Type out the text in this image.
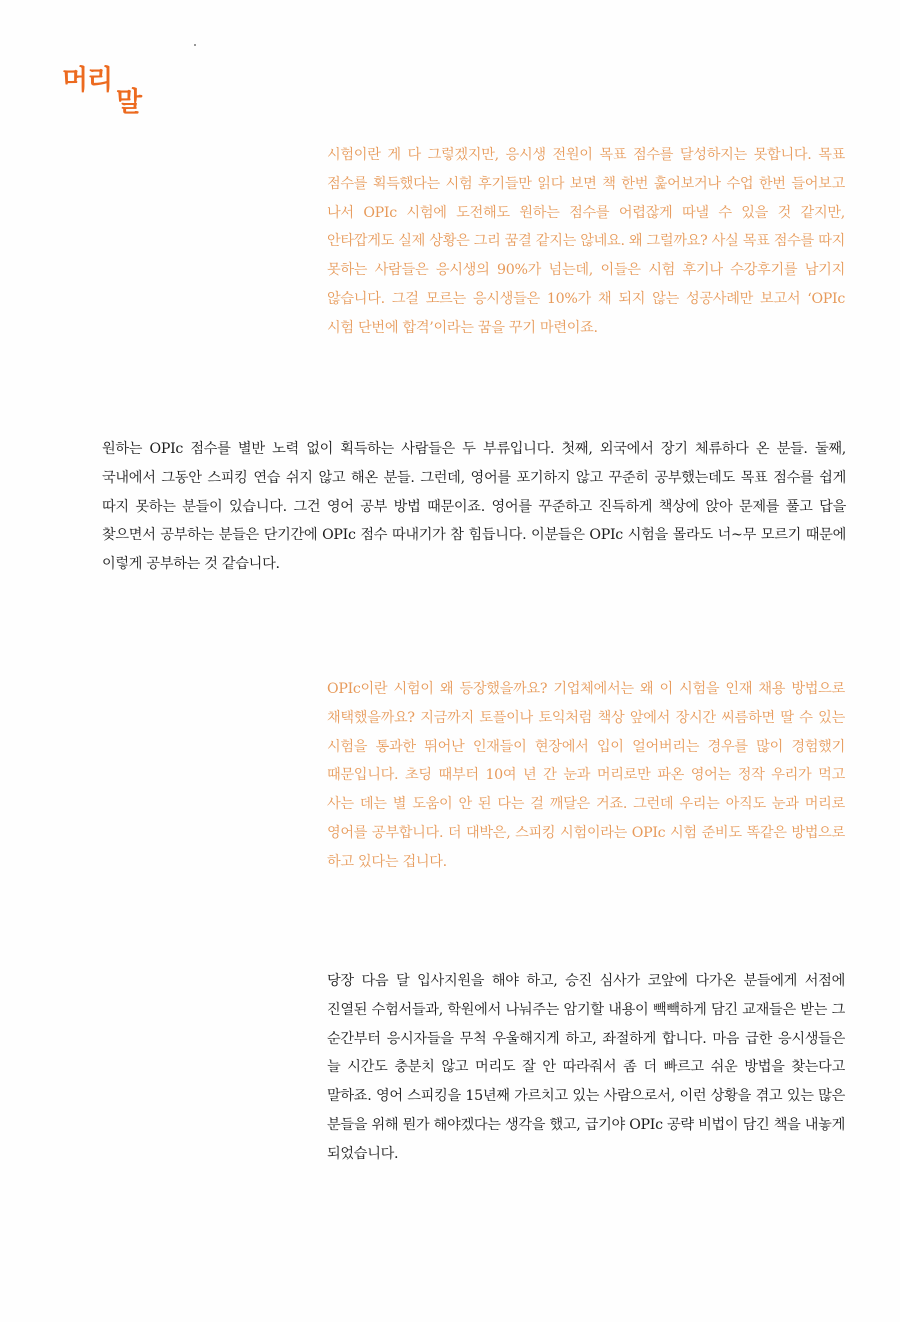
머리
말

시험이란 게 다 그렇겠지만, 응시생 전원이 목표 점수를 달성하지는 못합니다. 목표 점수를 획득했다는 시험 후기들만 읽다 보면 책 한번 훑어보거나 수업 한번 들어보고 나서 OPIc 시험에 도전해도 원하는 점수를 어렵잖게 따낼 수 있을 것 같지만, 안타깝게도 실제 상황은 그리 꿈결 같지는 않네요. 왜 그럴까요? 사실 목표 점수를 따지 못하는 사람들은 응시생의 90%가 넘는데, 이들은 시험 후기나 수강후기를 남기지 않습니다. 그걸 모르는 응시생들은 10%가 채 되지 않는 성공사례만 보고서 ‘OPIc 시험 단번에 합격’이라는 꿈을 꾸기 마련이죠.

원하는 OPIc 점수를 별반 노력 없이 획득하는 사람들은 두 부류입니다. 첫째, 외국에서 장기 체류하다 온 분들. 둘째, 국내에서 그동안 스피킹 연습 쉬지 않고 해온 분들. 그런데, 영어를 포기하지 않고 꾸준히 공부했는데도 목표 점수를 쉽게 따지 못하는 분들이 있습니다. 그건 영어 공부 방법 때문이죠. 영어를 꾸준하고 진득하게 책상에 앉아 문제를 풀고 답을 찾으면서 공부하는 분들은 단기간에 OPIc 점수 따내기가 참 힘듭니다. 이분들은 OPIc 시험을 몰라도 너~무 모르기 때문에 이렇게 공부하는 것 같습니다.

OPIc이란 시험이 왜 등장했을까요? 기업체에서는 왜 이 시험을 인재 채용 방법으로 채택했을까요? 지금까지 토플이나 토익처럼 책상 앞에서 장시간 씨름하면 딸 수 있는 시험을 통과한 뛰어난 인재들이 현장에서 입이 얼어버리는 경우를 많이 경험했기 때문입니다. 초딩 때부터 10여 년 간 눈과 머리로만 파온 영어는 정작 우리가 먹고 사는 데는 별 도움이 안 된 다는 걸 깨달은 거죠. 그런데 우리는 아직도 눈과 머리로 영어를 공부합니다. 더 대박은, 스피킹 시험이라는 OPIc 시험 준비도 똑같은 방법으로 하고 있다는 겁니다.

당장 다음 달 입사지원을 해야 하고, 승진 심사가 코앞에 다가온 분들에게 서점에 진열된 수험서들과, 학원에서 나눠주는 암기할 내용이 빽빽하게 담긴 교재들은 받는 그 순간부터 응시자들을 무척 우울해지게 하고, 좌절하게 합니다. 마음 급한 응시생들은 늘 시간도 충분치 않고 머리도 잘 안 따라줘서 좀 더 빠르고 쉬운 방법을 찾는다고 말하죠. 영어 스피킹을 15년째 가르치고 있는 사람으로서, 이런 상황을 겪고 있는 많은 분들을 위해 뭔가 해야겠다는 생각을 했고, 급기야 OPIc 공략 비법이 담긴 책을 내놓게 되었습니다.
